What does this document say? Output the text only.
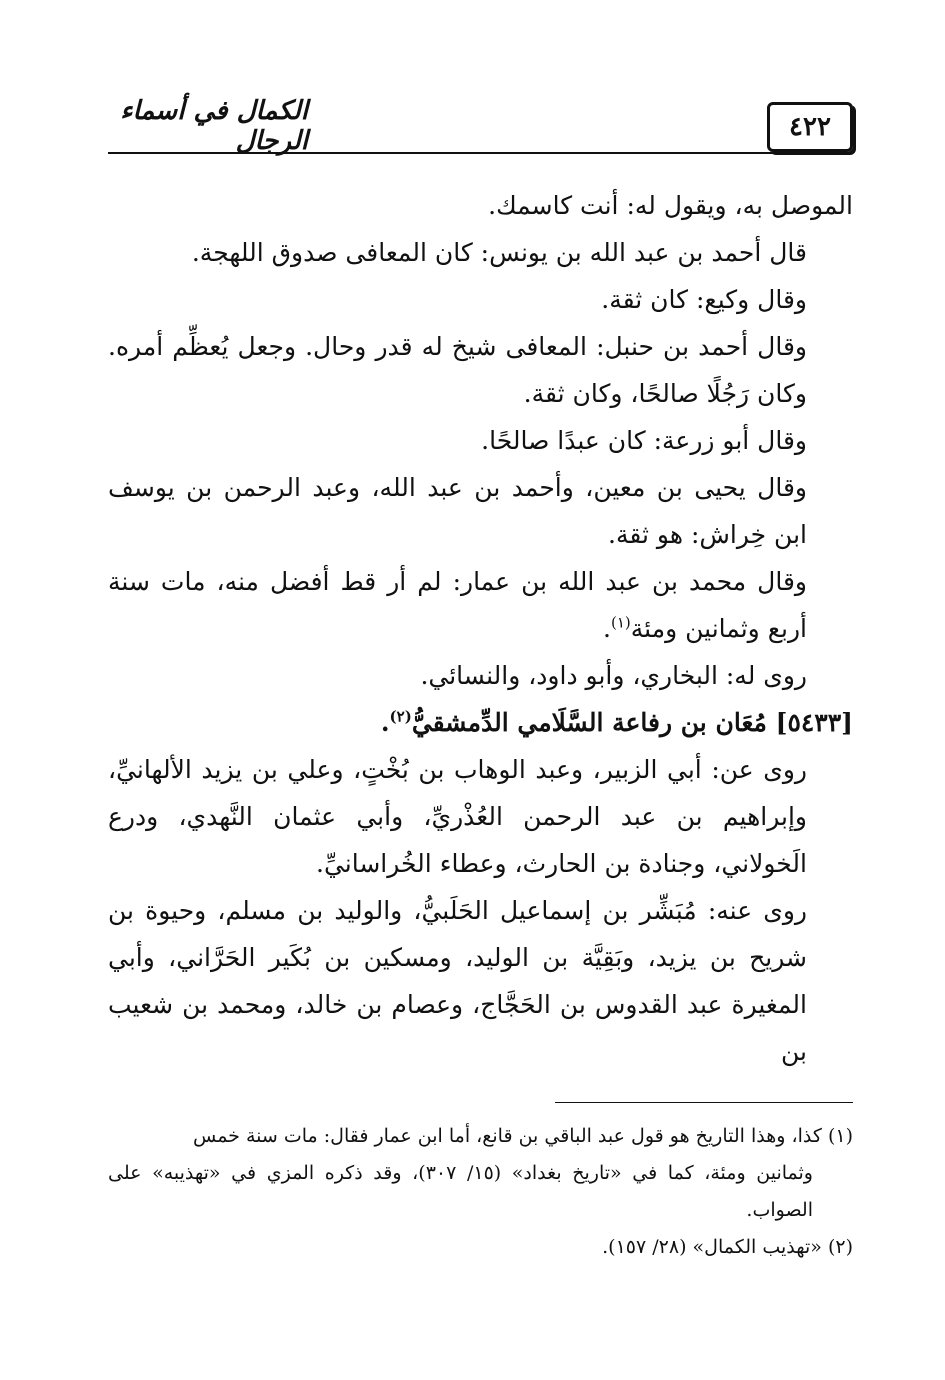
الكمال في أسماء الرجال	٤٢٢

الموصل به، ويقول له: أنت كاسمك.

قال أحمد بن عبد الله بن يونس: كان المعافى صدوق اللهجة.

وقال وكيع: كان ثقة.

وقال أحمد بن حنبل: المعافى شيخ له قدر وحال. وجعل يُعظِّم أمره. وكان رَجُلًا صالحًا، وكان ثقة.

وقال أبو زرعة: كان عبدًا صالحًا.

وقال يحيى بن معين، وأحمد بن عبد الله، وعبد الرحمن بن يوسف ابن خِراش: هو ثقة.

وقال محمد بن عبد الله بن عمار: لم أر قط أفضل منه، مات سنة أربع وثمانين ومئة$^{(١)}$.

روى له: البخاري، وأبو داود، والنسائي.

[٥٤٣٣] مُعَان بن رفاعة السَّلَامي الدِّمشقيُّ$^{(٢)}$.

روى عن: أبي الزبير، وعبد الوهاب بن بُخْتٍ، وعلي بن يزيد الألهانيِّ، وإبراهيم بن عبد الرحمن العُذْريِّ، وأبي عثمان النَّهدي، ودرع الَخولاني، وجنادة بن الحارث، وعطاء الخُراسانيِّ.

روى عنه: مُبَشِّر بن إسماعيل الحَلَبيُّ، والوليد بن مسلم، وحيوة بن شريح بن يزيد، وبَقِيَّة بن الوليد، ومسكين بن بُكَير الحَرَّاني، وأبي المغيرة عبد القدوس بن الحَجَّاج، وعصام بن خالد، ومحمد بن شعيب بن

(١) كذا، وهذا التاريخ هو قول عبد الباقي بن قانع، أما ابن عمار فقال: مات سنة خمس

وثمانين ومئة، كما في «تاريخ بغداد» (١٥/ ٣٠٧)، وقد ذكره المزي في «تهذيبه» على الصواب.

(٢) «تهذيب الكمال» (٢٨/ ١٥٧).
